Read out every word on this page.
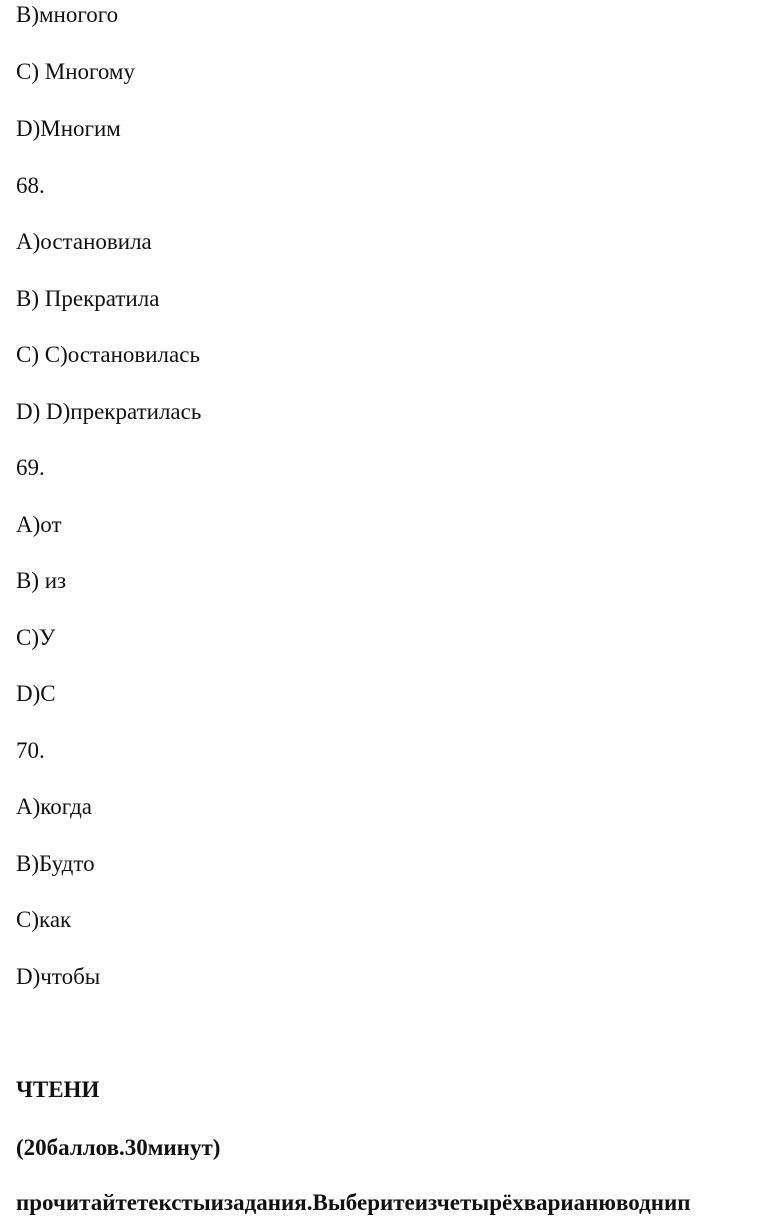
B)многого
C) Многому
D)Многим
68.
A)остановила
B) Прекратила
C) C)остановилась
D) D)прекратилась
69.
A)от
B) из
C)У
D)С
70.
A)когда
B)Будто
C)как
D)чтобы
ЧТЕНИ
(20баллов.30минут)
прочитайтетекстыизадания.Выберитеизчетырёхварианюводнип
